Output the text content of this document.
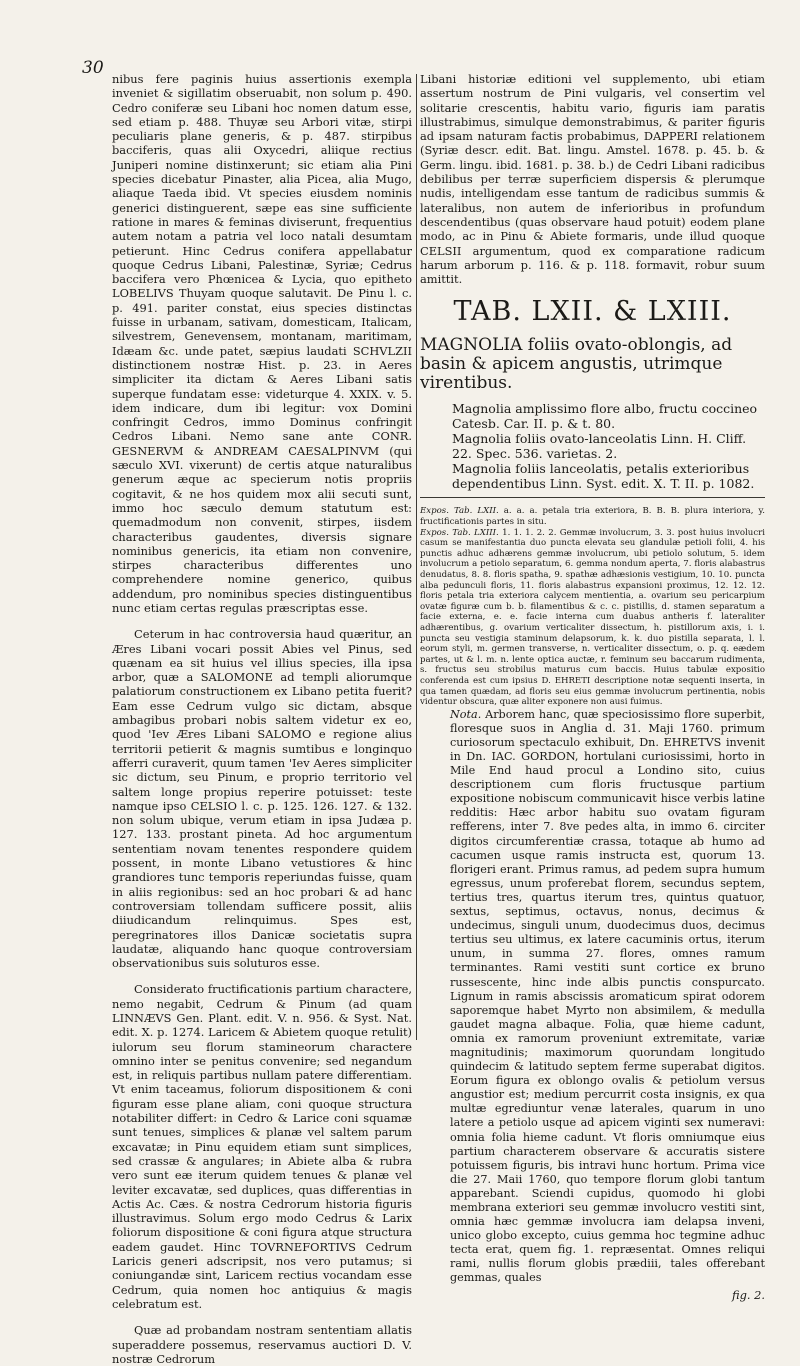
30

nibus fere paginis huius assertionis exempla inveniet & sigillatim obseruabit, non solum p. 490. Cedro coniferæ seu Libani hoc nomen datum esse, sed etiam p. 488. Thuyæ seu Arbori vitæ, stirpi peculiaris plane generis, & p. 487. stirpibus bacciferis, quas alii Oxycedri, aliique rectius Juniperi nomine distinxerunt; sic etiam alia Pini species dicebatur Pinaster, alia Picea, alia Mugo, aliaque Taeda ibid. Vt species eiusdem nominis generici distinguerent, sæpe eas sine sufficiente ratione in mares & feminas diviserunt, frequentius autem notam a patria vel loco natali desumtam petierunt. Hinc Cedrus conifera appellabatur quoque Cedrus Libani, Palestinæ, Syriæ; Cedrus baccifera vero Phœnicea & Lycia, quo epitheto LOBELIVS Thuyam quoque salutavit. De Pinu l. c. p. 491. pariter constat, eius species distinctas fuisse in urbanam, sativam, domesticam, Italicam, silvestrem, Genevensem, montanam, maritimam, Idæam &c. unde patet, sæpius laudati SCHVLZII distinctionem nostræ Hist. p. 23. in Aeres simpliciter ita dictam & Aeres Libani satis superque fundatam esse: videturque 4. XXIX. v. 5. idem indicare, dum ibi legitur: vox Domini confringit Cedros, immo Dominus confringit Cedros Libani. Nemo sane ante CONR. GESNERVM & ANDREAM CAESALPINVM (qui sæculo XVI. vixerunt) de certis atque naturalibus generum æque ac specierum notis propriis cogitavit, & ne hos quidem mox alii secuti sunt, immo hoc sæculo demum statutum est: quemadmodum non convenit, stirpes, iisdem characteribus gaudentes, diversis signare nominibus genericis, ita etiam non convenire, stirpes characteribus differentes uno comprehendere nomine generico, quibus addendum, pro nominibus species distinguentibus nunc etiam certas regulas præscriptas esse.

Ceterum in hac controversia haud quæritur, an Æres Libani vocari possit Abies vel Pinus, sed quænam ea sit huius vel illius species, illa ipsa arbor, quæ a SALOMONE ad templi aliorumque palatiorum constructionem ex Libano petita fuerit? Eam esse Cedrum vulgo sic dictam, absque ambagibus probari nobis saltem videtur ex eo, quod 'Iev Æres Libani SALOMO e regione alius territorii petierit & magnis sumtibus e longinquo afferri curaverit, quum tamen 'Iev Aeres simpliciter sic dictum, seu Pinum, e proprio territorio vel saltem longe propius reperire potuisset: teste namque ipso CELSIO l. c. p. 125. 126. 127. & 132. non solum ubique, verum etiam in ipsa Judæa p. 127. 133. prostant pineta. Ad hoc argumentum sententiam novam tenentes respondere quidem possent, in monte Libano vetustiores & hinc grandiores tunc temporis reperiundas fuisse, quam in aliis regionibus: sed an hoc probari & ad hanc controversiam tollendam sufficere possit, aliis diiudicandum relinquimus. Spes est, peregrinatores illos Danicæ societatis supra laudatæ, aliquando hanc quoque controversiam observationibus suis soluturos esse.

Considerato fructificationis partium charactere, nemo negabit, Cedrum & Pinum (ad quam LINNÆVS Gen. Plant. edit. V. n. 956. & Syst. Nat. edit. X. p. 1274. Laricem & Abietem quoque retulit) iulorum seu florum stamineorum charactere omnino inter se penitus convenire; sed negandum est, in reliquis partibus nullam patere differentiam. Vt enim taceamus, foliorum dispositionem & coni figuram esse plane aliam, coni quoque structura notabiliter differt: in Cedro & Larice coni squamæ sunt tenues, simplices & planæ vel saltem parum excavatæ; in Pinu equidem etiam sunt simplices, sed crassæ & angulares; in Abiete alba & rubra vero sunt eæ iterum quidem tenues & planæ vel leviter excavatæ, sed duplices, quas differentias in Actis Ac. Cæs. & nostra Cedrorum historia figuris illustravimus. Solum ergo modo Cedrus & Larix foliorum dispositione & coni figura atque structura eadem gaudet. Hinc TOVRNEFORTIVS Cedrum Laricis generi adscripsit, nos vero putamus; si coniungandæ sint, Laricem rectius vocandam esse Cedrum, quia nomen hoc antiquius & magis celebratum est.

Quæ ad probandam nostram sententiam allatis superaddere possemus, reservamus auctiori D. V. nostræ Cedrorum

Libani historiæ editioni vel supplemento, ubi etiam assertum nostrum de Pini vulgaris, vel consertim vel solitarie crescentis, habitu vario, figuris iam paratis illustrabimus, simulque demonstrabimus, & pariter figuris ad ipsam naturam factis probabimus, DAPPERI relationem (Syriæ descr. edit. Bat. lingu. Amstel. 1678. p. 45. b. & Germ. lingu. ibid. 1681. p. 38. b.) de Cedri Libani radicibus debilibus per terræ superficiem dispersis & plerumque nudis, intelligendam esse tantum de radicibus summis & lateralibus, non autem de inferioribus in profundum descendentibus (quas observare haud potuit) eodem plane modo, ac in Pinu & Abiete formaris, unde illud quoque CELSII argumentum, quod ex comparatione radicum harum arborum p. 116. & p. 118. formavit, robur suum amittit.

TAB. LXII. & LXIII.
MAGNOLIA foliis ovato-oblongis, ad basin & apicem angustis, utrimque virentibus.

Magnolia amplissimo flore albo, fructu coccineo Catesb. Car. II. p. & t. 80.

Magnolia foliis ovato-lanceolatis Linn. H. Cliff. 22. Spec. 536. varietas. 2.

Magnolia foliis lanceolatis, petalis exterioribus dependentibus Linn. Syst. edit. X. T. II. p. 1082.

Expos. Tab. LXII. a. a. a. petala tria exteriora, B. B. B. plura interiora, y. fructificationis partes in situ.

Expos. Tab. LXIII. 1. 1. 1. 2. 2. Gemmæ involucrum, 3. 3. post huius involucri casum se manifestantia duo puncta elevata seu glandulæ petioli folii, 4. his punctis adhuc adhærens gemmæ involucrum, ubi petiolo solutum, 5. idem involucrum a petiolo separatum, 6. gemma nondum aperta, 7. floris alabastrus denudatus, 8. 8. floris spatha, 9. spathæ adhæsionis vestigium, 10. 10. puncta alba pedunculi floris, 11. floris alabastrus expansioni proximus, 12. 12. 12. floris petala tria exteriora calycem mentientia, a. ovarium seu pericarpium ovatæ figuræ cum b. b. filamentibus & c. c. pistillis, d. stamen separatum a facie externa, e. e. facie interna cum duabus antheris f. lateraliter adhærentibus, g. ovarium verticaliter dissectum, h. pistillorum axis, i. i. puncta seu vestigia staminum delapsorum, k. k. duo pistilla separata, l. l. eorum styli, m. germen transverse, n. verticaliter dissectum, o. p. q. eædem partes, ut & l. m. n. lente optica auctæ, r. feminum seu baccarum rudimenta, s. fructus seu strobilus maturus cum baccis. Huius tabulæ expositio conferenda est cum ipsius D. EHRETI descriptione notæ sequenti inserta, in qua tamen quædam, ad floris seu eius gemmæ involucrum pertinentia, nobis videntur obscura, quæ aliter exponere non ausi fuimus.

Nota. Arborem hanc, quæ speciosissimo flore superbit, floresque suos in Anglia d. 31. Maji 1760. primum curiosorum spectaculo exhibuit, Dn. EHRETVS invenit in Dn. IAC. GORDON, hortulani curiosissimi, horto in Mile End haud procul a Londino sito, cuius descriptionem cum floris fructusque partium expositione nobiscum communicavit hisce verbis latine redditis: Hæc arbor habitu suo ovatam figuram refferens, inter 7. 8ve pedes alta, in immo 6. circiter digitos circumferentiæ crassa, totaque ab humo ad cacumen usque ramis instructa est, quorum 13. florigeri erant. Primus ramus, ad pedem supra humum egressus, unum proferebat florem, secundus septem, tertius tres, quartus iterum tres, quintus quatuor, sextus, septimus, octavus, nonus, decimus & undecimus, singuli unum, duodecimus duos, decimus tertius seu ultimus, ex latere cacuminis ortus, iterum unum, in summa 27. flores, omnes ramum terminantes. Rami vestiti sunt cortice ex bruno russescente, hinc inde albis punctis conspurcato. Lignum in ramis abscissis aromaticum spirat odorem saporemque habet Myrto non absimilem, & medulla gaudet magna albaque. Folia, quæ hieme cadunt, omnia ex ramorum proveniunt extremitate, variæ magnitudinis; maximorum quorundam longitudo quindecim & latitudo septem ferme superabat digitos. Eorum figura ex oblongo ovalis & petiolum versus angustior est; medium percurrit costa insignis, ex qua multæ egrediuntur venæ laterales, quarum in uno latere a petiolo usque ad apicem viginti sex numeravi: omnia folia hieme cadunt. Vt floris omniumque eius partium characterem observare & accuratis sistere potuissem figuris, bis intravi hunc hortum. Prima vice die 27. Maii 1760, quo tempore florum globi tantum apparebant. Sciendi cupidus, quomodo hi globi membrana exteriori seu gemmæ involucro vestiti sint, omnia hæc gemmæ involucra iam delapsa inveni, unico globo excepto, cuius gemma hoc tegmine adhuc tecta erat, quem fig. 1. repræsentat. Omnes reliqui rami, nullis florum globis prædiii, tales offerebant gemmas, quales

fig. 2.
